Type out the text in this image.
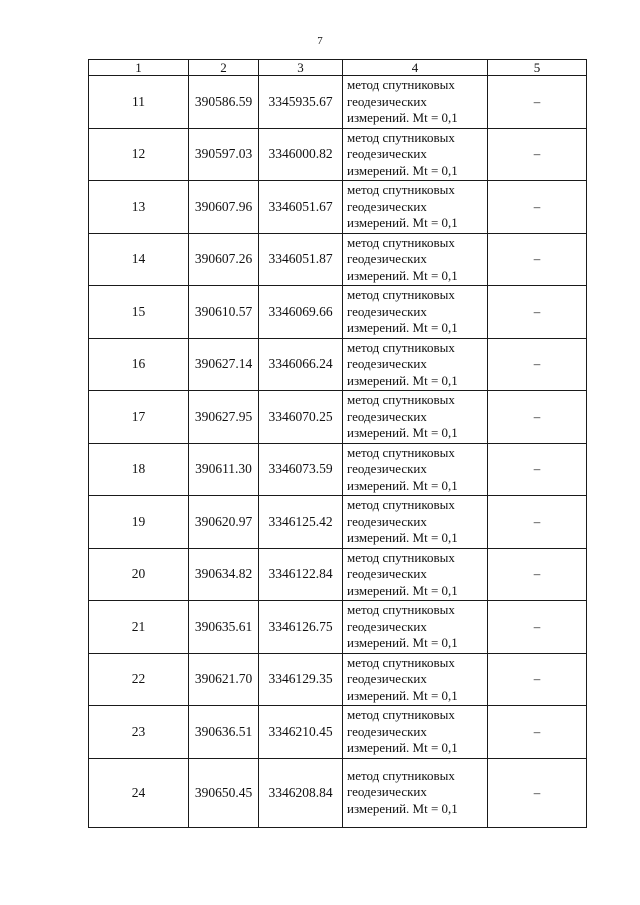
7
1	2	3	4	5
11	390586.59	3345935.67	метод спутниковых
геодезических
измерений. Mt = 0,1	–
12	390597.03	3346000.82	метод спутниковых
геодезических
измерений. Mt = 0,1	–
13	390607.96	3346051.67	метод спутниковых
геодезических
измерений. Mt = 0,1	–
14	390607.26	3346051.87	метод спутниковых
геодезических
измерений. Mt = 0,1	–
15	390610.57	3346069.66	метод спутниковых
геодезических
измерений. Mt = 0,1	–
16	390627.14	3346066.24	метод спутниковых
геодезических
измерений. Mt = 0,1	–
17	390627.95	3346070.25	метод спутниковых
геодезических
измерений. Mt = 0,1	–
18	390611.30	3346073.59	метод спутниковых
геодезических
измерений. Mt = 0,1	–
19	390620.97	3346125.42	метод спутниковых
геодезических
измерений. Mt = 0,1	–
20	390634.82	3346122.84	метод спутниковых
геодезических
измерений. Mt = 0,1	–
21	390635.61	3346126.75	метод спутниковых
геодезических
измерений. Mt = 0,1	–
22	390621.70	3346129.35	метод спутниковых
геодезических
измерений. Mt = 0,1	–
23	390636.51	3346210.45	метод спутниковых
геодезических
измерений. Mt = 0,1	–
24	390650.45	3346208.84	метод спутниковых
геодезических
измерений. Mt = 0,1	–
